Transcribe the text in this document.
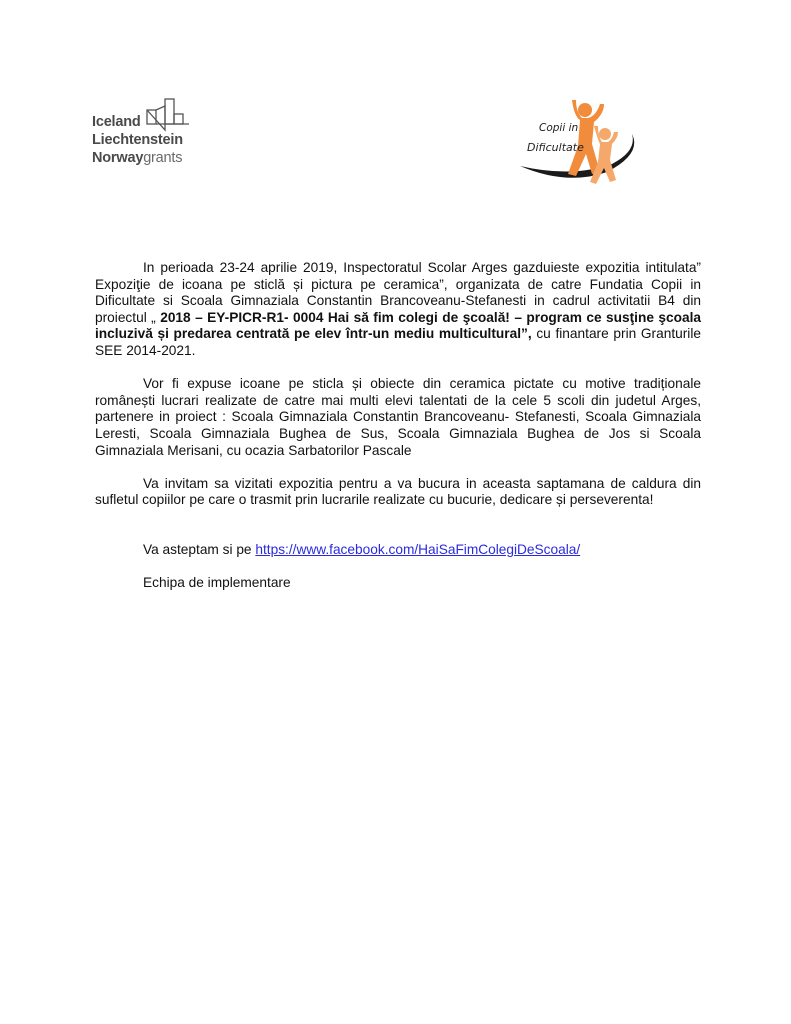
Iceland
Liechtenstein
Norwaygrants
Copii in
Dificultate

In perioada 23-24 aprilie 2019, Inspectoratul Scolar Arges gazduieste expozitia intitulata” Expoziţie de icoana pe sticlă și pictura pe ceramica”, organizata de catre Fundatia Copii in Dificultate si Scoala Gimnaziala Constantin Brancoveanu-Stefanesti in cadrul activitatii B4 din proiectul „ 2018 – EY-PICR-R1- 0004 Hai să fim colegi de şcoală! – program ce susţine şcoala incluzivă și predarea centrată pe elev într-un mediu multicultural”, cu finantare prin Granturile SEE 2014-2021.

Vor fi expuse icoane pe sticla și obiecte din ceramica pictate cu motive tradiționale românești lucrari realizate de catre mai multi elevi talentati de la cele 5 scoli din judetul Arges, partenere in proiect : Scoala Gimnaziala Constantin Brancoveanu- Stefanesti, Scoala Gimnaziala Leresti, Scoala Gimnaziala Bughea de Sus, Scoala Gimnaziala Bughea de Jos si Scoala Gimnaziala Merisani, cu ocazia Sarbatorilor Pascale

Va invitam sa vizitati expozitia pentru a va bucura in aceasta saptamana de caldura din sufletul copiilor pe care o trasmit prin lucrarile realizate cu bucurie, dedicare și perseverenta!

Va asteptam si pe https://www.facebook.com/HaiSaFimColegiDeScoala/

Echipa de implementare
